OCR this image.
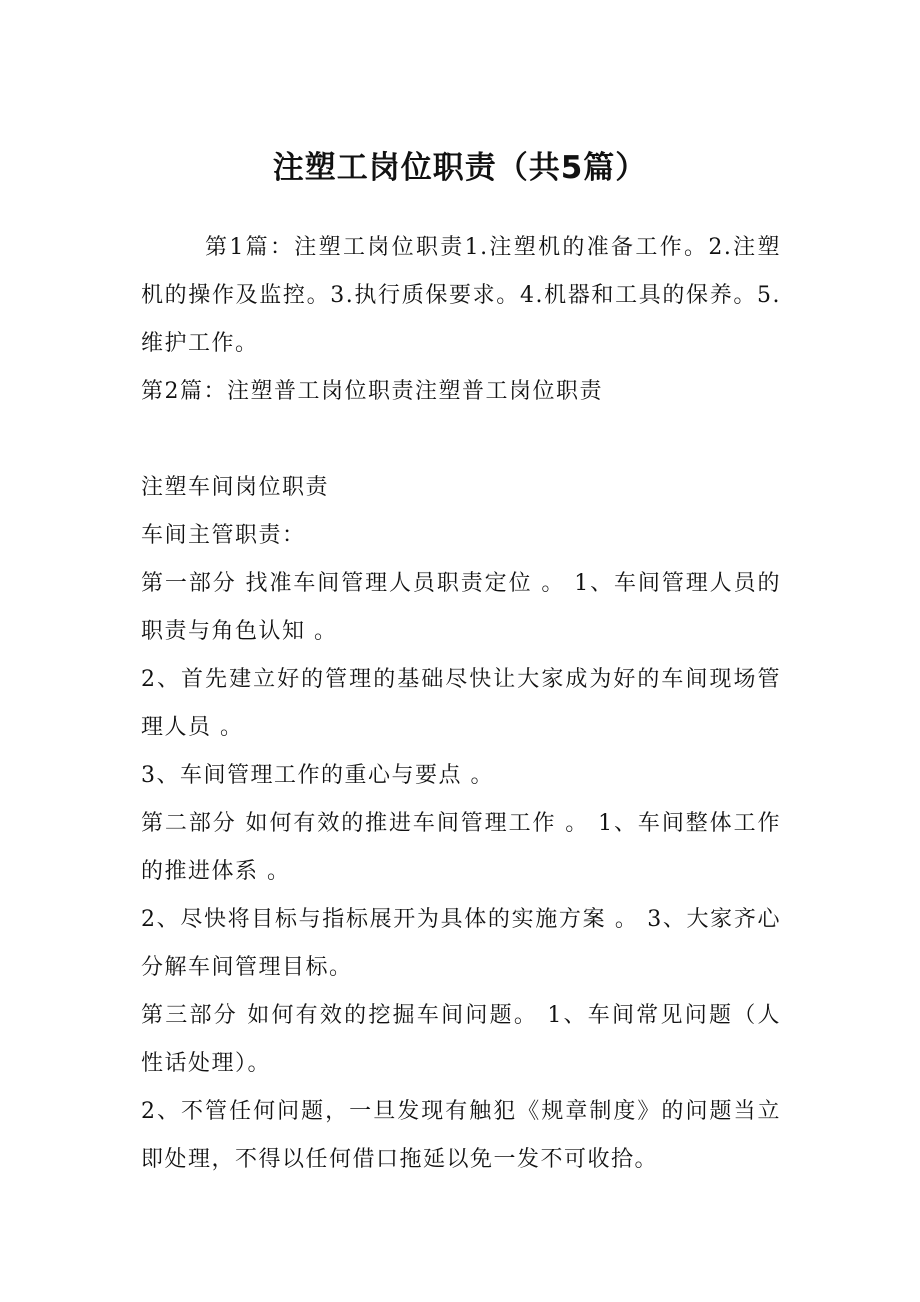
注塑工岗位职责（共5篇）

第1篇：注塑工岗位职责1.注塑机的准备工作。2.注塑机的操作及监控。3.执行质保要求。4.机器和工具的保养。5.维护工作。

第2篇：注塑普工岗位职责注塑普工岗位职责

注塑车间岗位职责

车间主管职责：

第一部分 找准车间管理人员职责定位 。 1、车间管理人员的职责与角色认知 。

2、首先建立好的管理的基础尽快让大家成为好的车间现场管理人员 。

3、车间管理工作的重心与要点 。

第二部分 如何有效的推进车间管理工作 。 1、车间整体工作的推进体系 。

2、尽快将目标与指标展开为具体的实施方案 。 3、大家齐心分解车间管理目标。

第三部分 如何有效的挖掘车间问题。 1、车间常见问题（人性话处理）。

2、不管任何问题，一旦发现有触犯《规章制度》的问题当立即处理，不得以任何借口拖延以免一发不可收拾。
